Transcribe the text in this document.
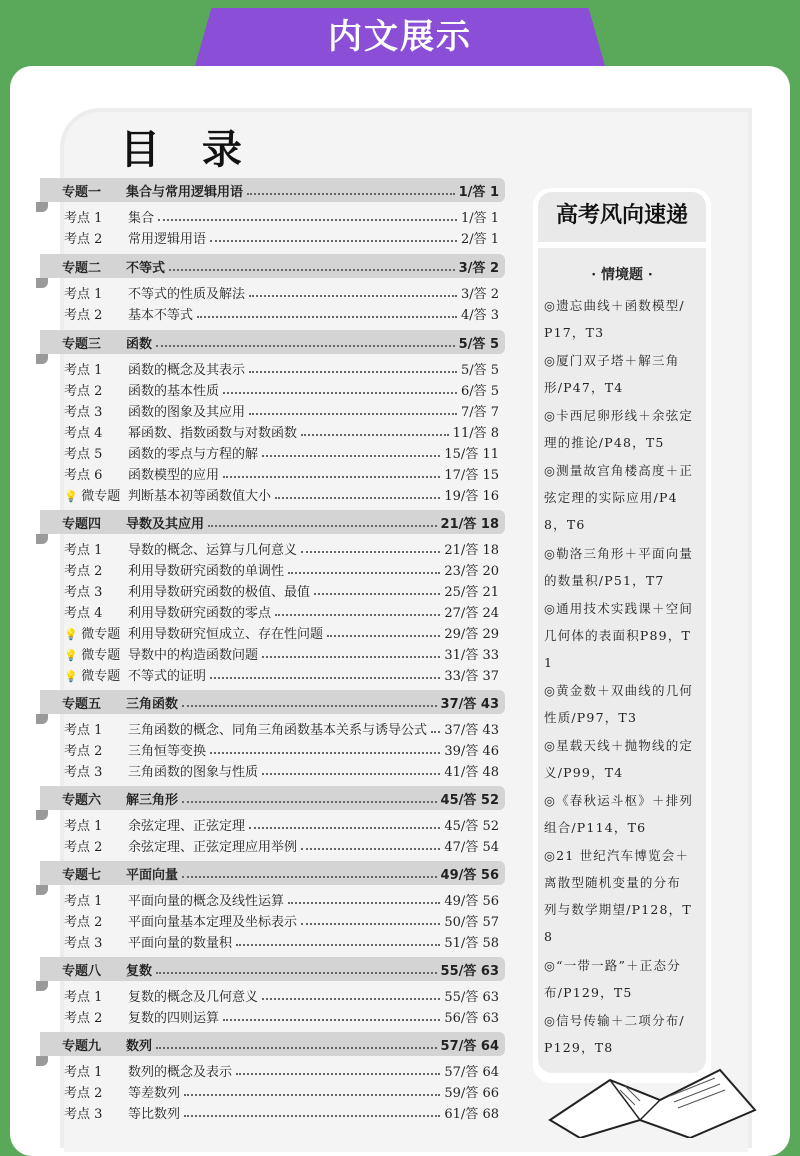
内文展示
目 录
专题一	集合与常用逻辑用语	1/答 1
考点 1	集合	1/答 1
考点 2	常用逻辑用语	2/答 1
专题二	不等式	3/答 2
考点 1	不等式的性质及解法	3/答 2
考点 2	基本不等式	4/答 3
专题三	函数	5/答 5
考点 1	函数的概念及其表示	5/答 5
考点 2	函数的基本性质	6/答 5
考点 3	函数的图象及其应用	7/答 7
考点 4	幂函数、指数函数与对数函数	11/答 8
考点 5	函数的零点与方程的解	15/答 11
考点 6	函数模型的应用	17/答 15
💡 微专题 判断基本初等函数值大小	19/答 16
专题四	导数及其应用	21/答 18
考点 1	导数的概念、运算与几何意义	21/答 18
考点 2	利用导数研究函数的单调性	23/答 20
考点 3	利用导数研究函数的极值、最值	25/答 21
考点 4	利用导数研究函数的零点	27/答 24
💡 微专题 利用导数研究恒成立、存在性问题	29/答 29
💡 微专题 导数中的构造函数问题	31/答 33
💡 微专题 不等式的证明	33/答 37
专题五	三角函数	37/答 43
考点 1	三角函数的概念、同角三角函数基本关系与诱导公式 37/答 43
考点 2	三角恒等变换	39/答 46
考点 3	三角函数的图象与性质	41/答 48
专题六	解三角形	45/答 52
考点 1	余弦定理、正弦定理	45/答 52
考点 2	余弦定理、正弦定理应用举例	47/答 54
专题七	平面向量	49/答 56
考点 1	平面向量的概念及线性运算	49/答 56
考点 2	平面向量基本定理及坐标表示	50/答 57
考点 3	平面向量的数量积	51/答 58
专题八	复数	55/答 63
考点 1	复数的概念及几何意义	55/答 63
考点 2	复数的四则运算	56/答 63
专题九	数列	57/答 64
考点 1	数列的概念及表示	57/答 64
考点 2	等差数列	59/答 66
考点 3	等比数列	61/答 68
高考风向速递
· 情境题 ·
◎遗忘曲线＋函数模型/P17，T3
◎厦门双子塔＋解三角形/P47，T4
◎卡西尼卵形线＋余弦定理的推论/P48，T5
◎测量故宫角楼高度＋正弦定理的实际应用/P48，T6
◎勒洛三角形＋平面向量的数量积/P51，T7
◎通用技术实践课＋空间几何体的表面积P89，T1
◎黄金数＋双曲线的几何性质/P97，T3
◎星载天线＋抛物线的定义/P99，T4
◎《春秋运斗枢》＋排列组合/P114，T6
◎21 世纪汽车博览会＋离散型随机变量的分布列与数学期望/P128，T8
◎“一带一路”＋正态分布/P129，T5
◎信号传输＋二项分布/P129，T8
